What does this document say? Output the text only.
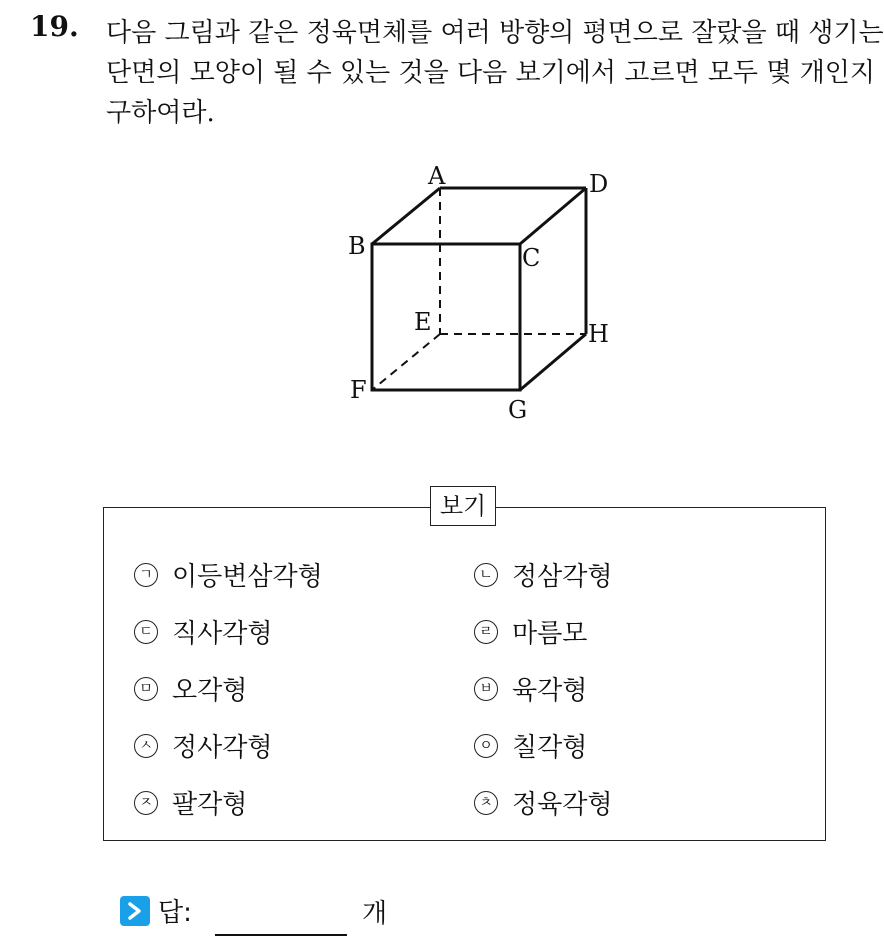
19. 다음 그림과 같은 정육면체를 여러 방향의 평면으로 잘랐을 때 생기는
단면의 모양이 될 수 있는 것을 다음 보기에서 고르면 모두 몇 개인지
구하여라.
A
B	C
D
E
F
G
H
보기
ㄱ 이등변삼각형	ㄴ 정삼각형
ㄷ 직사각형	ㄹ 마름모
ㅁ 오각형	ㅂ 육각형
ㅅ 정사각형	ㅇ 칠각형
ㅈ 팔각형	ㅊ 정육각형
답:	개
